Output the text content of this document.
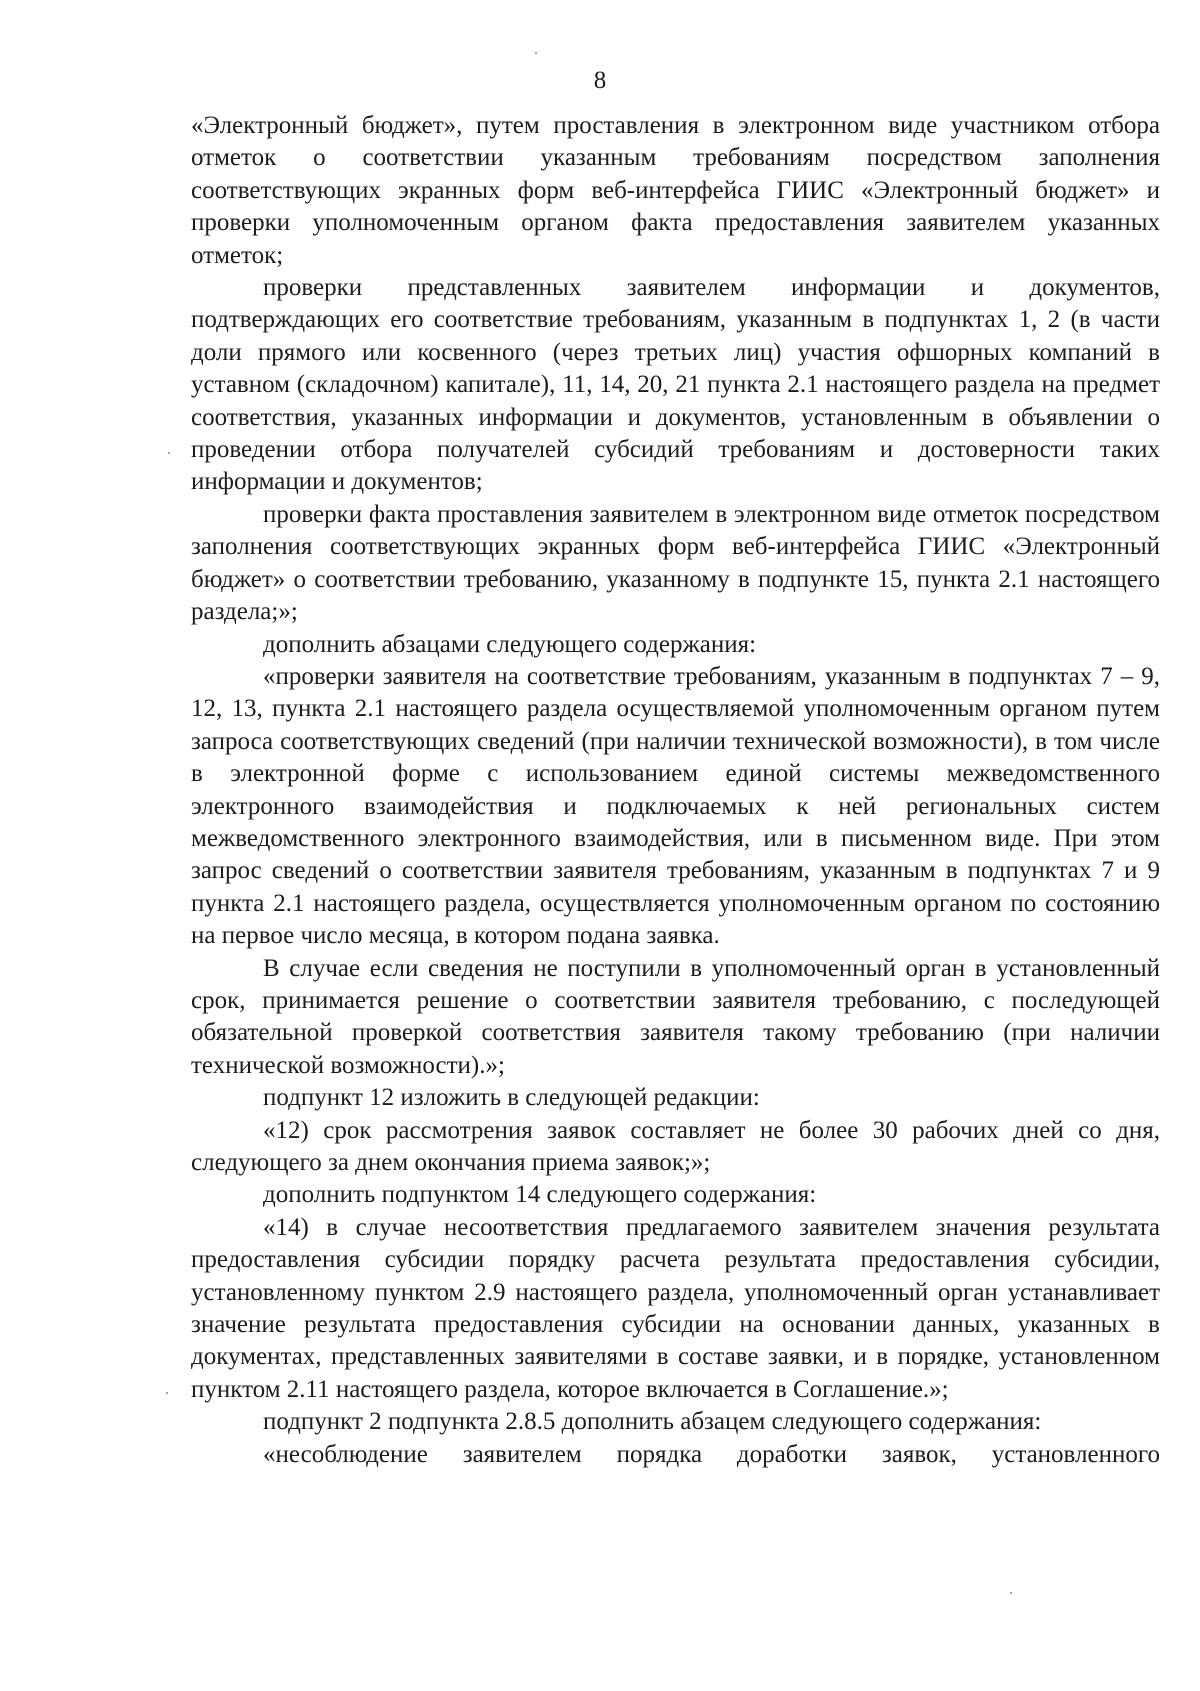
8

«Электронный бюджет», путем проставления в электронном виде участником отбора отметок о соответствии указанным требованиям посредством заполнения соответствующих экранных форм веб-интерфейса ГИИС «Электронный бюджет» и проверки уполномоченным органом факта предоставления заявителем указанных отметок;

проверки представленных заявителем информации и документов, подтверждающих его соответствие требованиям, указанным в подпунктах 1, 2 (в части доли прямого или косвенного (через третьих лиц) участия офшорных компаний в уставном (складочном) капитале), 11, 14, 20, 21 пункта 2.1 настоящего раздела на предмет соответствия, указанных информации и документов, установленным в объявлении о проведении отбора получателей субсидий требованиям и достоверности таких информации и документов;

проверки факта проставления заявителем в электронном виде отметок посредством заполнения соответствующих экранных форм веб-интерфейса ГИИС «Электронный бюджет» о соответствии требованию, указанному в подпункте 15, пункта 2.1 настоящего раздела;»;

дополнить абзацами следующего содержания:

«проверки заявителя на соответствие требованиям, указанным в подпунктах 7 – 9, 12, 13, пункта 2.1 настоящего раздела осуществляемой уполномоченным органом путем запроса соответствующих сведений (при наличии технической возможности), в том числе в электронной форме с использованием единой системы межведомственного электронного взаимодействия и подключаемых к ней региональных систем межведомственного электронного взаимодействия, или в письменном виде. При этом запрос сведений о соответствии заявителя требованиям, указанным в подпунктах 7 и 9 пункта 2.1 настоящего раздела, осуществляется уполномоченным органом по состоянию на первое число месяца, в котором подана заявка.

В случае если сведения не поступили в уполномоченный орган в установленный срок, принимается решение о соответствии заявителя требованию, с последующей обязательной проверкой соответствия заявителя такому требованию (при наличии технической возможности).»;

подпункт 12 изложить в следующей редакции:

«12) срок рассмотрения заявок составляет не более 30 рабочих дней со дня, следующего за днем окончания приема заявок;»;

дополнить подпунктом 14 следующего содержания:

«14) в случае несоответствия предлагаемого заявителем значения результата предоставления субсидии порядку расчета результата предоставления субсидии, установленному пунктом 2.9 настоящего раздела, уполномоченный орган устанавливает значение результата предоставления субсидии на основании данных, указанных в документах, представленных заявителями в составе заявки, и в порядке, установленном пунктом 2.11 настоящего раздела, которое включается в Соглашение.»;

подпункт 2 подпункта 2.8.5 дополнить абзацем следующего содержания:

«несоблюдение заявителем порядка доработки заявок, установленного
